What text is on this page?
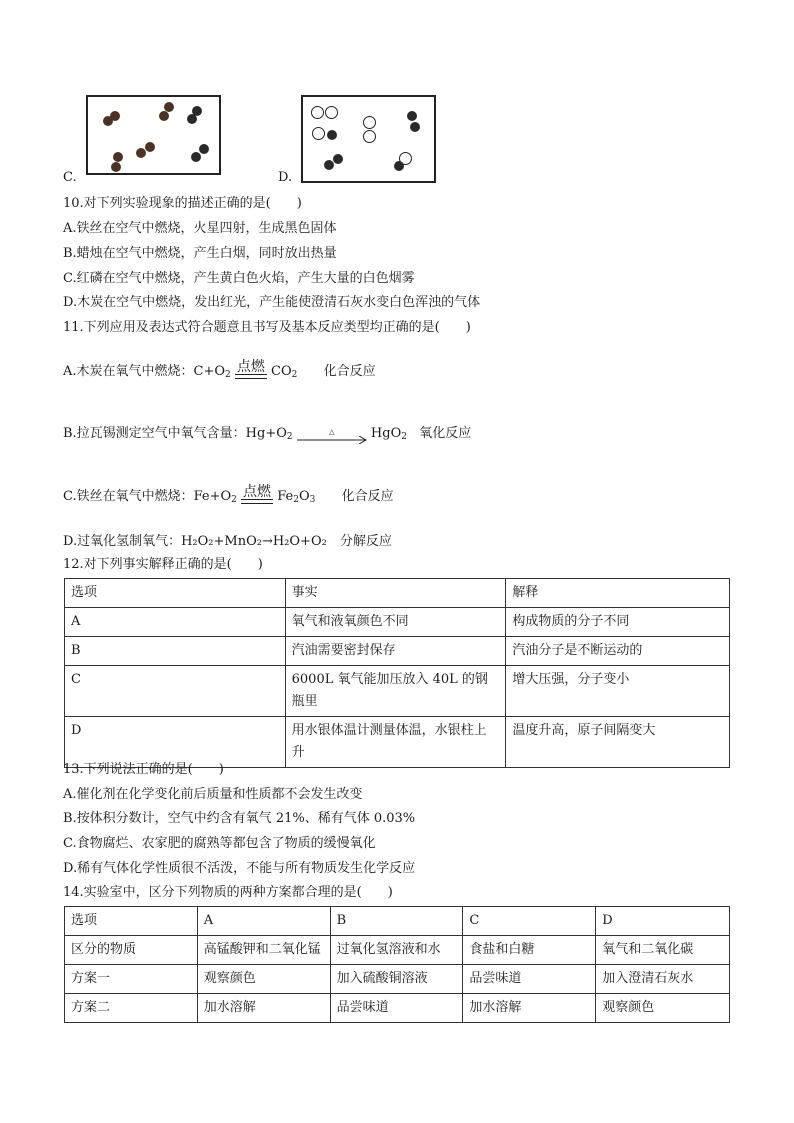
C.	D.
10.对下列实验现象的描述正确的是(　　)
A.铁丝在空气中燃烧，火星四射，生成黑色固体
B.蜡烛在空气中燃烧，产生白烟，同时放出热量
C.红磷在空气中燃烧，产生黄白色火焰，产生大量的白色烟雾
D.木炭在空气中燃烧，发出红光，产生能使澄清石灰水变白色浑浊的气体
11.下列应用及表达式符合题意且书写及基本反应类型均正确的是(　　)
A.木炭在氧气中燃烧：$C+O_2$ 点燃 $CO_2$ 化合反应
B.拉瓦锡测定空气中氧气含量：$Hg+O_2$	△	HgO$_2$ 氧化反应
C.铁丝在氧气中燃烧：$Fe+O_2$ 点燃 $Fe_2O_3$ 化合反应
D.过氧化氢制氧气：H₂O₂+MnO₂→H₂O+O₂　分解反应
12.对下列事实解释正确的是(　　)
选项	事实	解释
A	氧气和液氧颜色不同	构成物质的分子不同
B	汽油需要密封保存	汽油分子是不断运动的
C	6000L 氧气能加压放入 40L 的钢瓶里	增大压强，分子变小
D	用水银体温计测量体温，水银柱上升	温度升高，原子间隔变大
13.下列说法正确的是(　　)
A.催化剂在化学变化前后质量和性质都不会发生改变
B.按体积分数计，空气中约含有氧气 21%、稀有气体 0.03%
C.食物腐烂、农家肥的腐熟等都包含了物质的缓慢氧化
D.稀有气体化学性质很不活泼，不能与所有物质发生化学反应
14.实验室中，区分下列物质的两种方案都合理的是(　　)
选项	A	B	C	D
区分的物质	高锰酸钾和二氧化锰	过氧化氢溶液和水	食盐和白糖	氧气和二氧化碳
方案一	观察颜色	加入硫酸铜溶液	品尝味道	加入澄清石灰水
方案二	加水溶解	品尝味道	加水溶解	观察颜色
